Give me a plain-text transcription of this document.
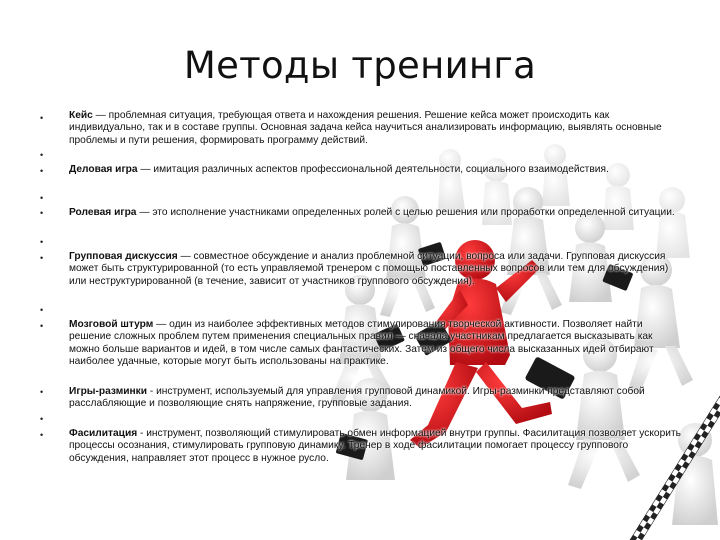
Методы тренинга
•
•
•
•
•
•
•
•
•
•
•
•
Кейс — проблемная ситуация, требующая ответа и нахождения решения. Решение кейса может происходить как индивидуально, так и в составе группы. Основная задача кейса научиться анализировать информацию, выявлять основные проблемы и пути решения, формировать программу действий.
Деловая игра — имитация различных аспектов профессиональной деятельности, социального взаимодействия.
Ролевая игра — это исполнение участниками определенных ролей с целью решения или проработки определенной ситуации.
Групповая дискуссия — совместное обсуждение и анализ проблемной ситуации, вопроса или задачи. Групповая дискуссия может быть структурированной (то есть управляемой тренером с помощью поставленных вопросов или тем для обсуждения) или неструктурированной (в течение, зависит от участников группового обсуждения).
Мозговой штурм — один из наиболее эффективных методов стимулирования творческой активности. Позволяет найти решение сложных проблем путем применения специальных правил — сначала участникам предлагается высказывать как можно больше вариантов и идей, в том числе самых фантастических. Затем из общего числа высказанных идей отбирают наиболее удачные, которые могут быть использованы на практике.
Игры-разминки - инструмент, используемый для управления групповой динамикой. Игры-разминки представляют собой расслабляющие и позволяющие снять напряжение, групповые задания.
Фасилитация - инструмент, позволяющий стимулировать обмен информацией внутри группы. Фасилитация позволяет ускорить процессы осознания, стимулировать групповую динамику. Тренер в ходе фасилитации помогает процессу группового обсуждения, направляет этот процесс в нужное русло.
